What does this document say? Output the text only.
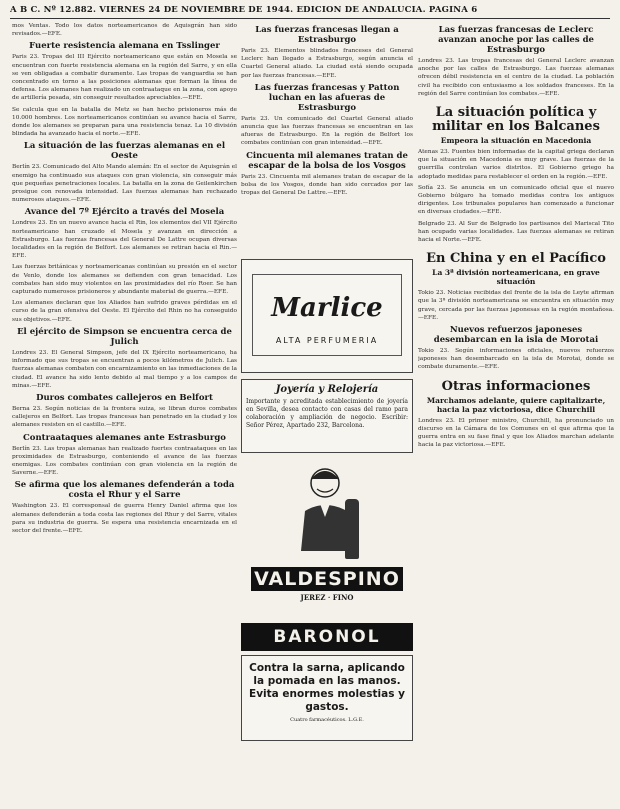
A B C. Nº 12.882. VIERNES 24 DE NOVIEMBRE DE 1944. EDICION DE ANDALUCIA. PAGINA 6
mos Ventas. Todo los datos norteamericanos de Aquisgrán han sido revisados.—EFE.
Fuerte resistencia alemana en Tsslinger
Paris 23. Tropas del III Ejército norteamericano que están en Mosela se encuentran con fuerte resistencia alemana en la región del Sarre, y en ella se ven obligadas a combatir duramente. Las tropas de vanguardia se han concentrado en torno a las posiciones alemanas que forman la línea de defensa. Los alemanes han realizado un contraataque en la zona, con apoyo de artillería pesada, sin conseguir resultados apreciables.—EFE.
Se calcula que en la batalla de Metz se han hecho prisioneros más de 10.000 hombres. Los norteamericanos continúan su avance hacia el Sarre, donde los alemanes se preparan para una resistencia tenaz. La 10 división blindada ha avanzado hacia el norte.—EFE.
La situación de las fuerzas alemanas en el Oeste
Berlín 23. Comunicado del Alto Mando alemán: En el sector de Aquisgrán el enemigo ha continuado sus ataques con gran violencia, sin conseguir más que pequeñas penetraciones locales. La batalla en la zona de Geilenkirchen prosigue con renovada intensidad. Las fuerzas alemanas han rechazado numerosos ataques.—EFE.
Avance del 7º Ejército a través del Mosela
Londres 23. En un nuevo avance hacia el Rin, los elementos del VII Ejército norteamericano han cruzado el Mosela y avanzan en dirección a Estrasburgo. Las fuerzas francesas del General De Lattre ocupan diversas localidades en la región de Belfort. Los alemanes se retiran hacia el Rin.—EFE.
Las fuerzas británicas y norteamericanas continúan su presión en el sector de Venlo, donde los alemanes se defienden con gran tenacidad. Los combates han sido muy violentos en las proximidades del río Roer. Se han capturado numerosos prisioneros y abundante material de guerra.—EFE.
Los alemanes declaran que los Aliados han sufrido graves pérdidas en el curso de la gran ofensiva del Oeste. El Ejército del Rhin no ha conseguido sus objetivos.—EFE.
El ejército de Simpson se encuentra cerca de Julich
Londres 23. El General Simpson, jefe del IX Ejército norteamericano, ha informado que sus tropas se encuentran a pocos kilómetros de Julich. Las fuerzas alemanas combaten con encarnizamiento en las inmediaciones de la ciudad. El avance ha sido lento debido al mal tiempo y a los campos de minas.—EFE.
Duros combates callejeros en Belfort
Berna 23. Según noticias de la frontera suiza, se libran duros combates callejeros en Belfort. Las tropas francesas han penetrado en la ciudad y los alemanes resisten en el castillo.—EFE.
Contraataques alemanes ante Estrasburgo
Berlín 23. Las tropas alemanas han realizado fuertes contraataques en las proximidades de Estrasburgo, conteniendo el avance de las fuerzas enemigas. Los combates continúan con gran violencia en la región de Saverne.—EFE.
Se afirma que los alemanes defenderán a toda costa el Rhur y el Sarre
Washington 23. El corresponsal de guerra Henry Daniel afirma que los alemanes defenderán a toda costa las regiones del Rhur y del Sarre, vitales para su industria de guerra. Se espera una resistencia encarnizada en el sector del frente.—EFE.
Las fuerzas francesas llegan a Estrasburgo
Paris 23. Elementos blindados franceses del General Leclerc han llegado a Estrasburgo, según anuncia el Cuartel General aliado. La ciudad está siendo ocupada por las fuerzas francesas.—EFE.
Las fuerzas francesas y Patton luchan en las afueras de Estrasburgo
Paris 23. Un comunicado del Cuartel General aliado anuncia que las fuerzas francesas se encuentran en las afueras de Estrasburgo. En la región de Belfort los combates continúan con gran intensidad.—EFE.
Cincuenta mil alemanes tratan de escapar de la bolsa de los Vosgos
Paris 23. Cincuenta mil alemanes tratan de escapar de la bolsa de los Vosgos, donde han sido cercados por las tropas del General De Lattre.—EFE.
Marlice
ALTA PERFUMERIA
Joyería y Relojería
Importante y acreditada establecimiento de joyería en Sevilla, desea contacto con casas del ramo para colaboración y ampliación de negocio. Escribir: Señor Pérez, Apartado 232, Barcelona.
VALDESPINO
JEREZ · FINO
BARONOL
Contra la sarna, aplicando la pomada en las manos. Evita enormes molestias y gastos.
Cuatro farmacéuticos. L.G.E.
Las fuerzas francesas de Leclerc avanzan anoche por las calles de Estrasburgo
Londres 23. Las tropas francesas del General Leclerc avanzan anoche por las calles de Estrasburgo. Las fuerzas alemanas ofrecen débil resistencia en el centro de la ciudad. La población civil ha recibido con entusiasmo a los soldados franceses. En la región del Sarre continúan los combates.—EFE.
La situación política y militar en los Balcanes
Empeora la situación en Macedonia
Atenas 23. Fuentes bien informadas de la capital griega declaran que la situación en Macedonia es muy grave. Las fuerzas de la guerrilla controlan varios distritos. El Gobierno griego ha adoptado medidas para restablecer el orden en la región.—EFE.
Sofía 23. Se anuncia en un comunicado oficial que el nuevo Gobierno búlgaro ha tomado medidas contra los antiguos dirigentes. Los tribunales populares han comenzado a funcionar en diversas ciudades.—EFE.
Belgrado 23. Al Sur de Belgrado los partisanos del Mariscal Tito han ocupado varias localidades. Las fuerzas alemanas se retiran hacia el Norte.—EFE.
En China y en el Pacífico
La 3ª división norteamericana, en grave situación
Tokio 23. Noticias recibidas del frente de la isla de Leyte afirman que la 3ª división norteamericana se encuentra en situación muy grave, cercada por las fuerzas japonesas en la región montañosa.—EFE.
Nuevos refuerzos japoneses desembarcan en la isla de Morotai
Tokio 23. Según informaciones oficiales, nuevos refuerzos japoneses han desembarcado en la isla de Morotai, donde se combate duramente.—EFE.
Otras informaciones
Marchamos adelante, quiere capitalizarte, hacia la paz victoriosa, dice Churchill
Londres 23. El primer ministro, Churchill, ha pronunciado un discurso en la Cámara de los Comunes en el que afirma que la guerra entra en su fase final y que los Aliados marchan adelante hacia la paz victoriosa.—EFE.
